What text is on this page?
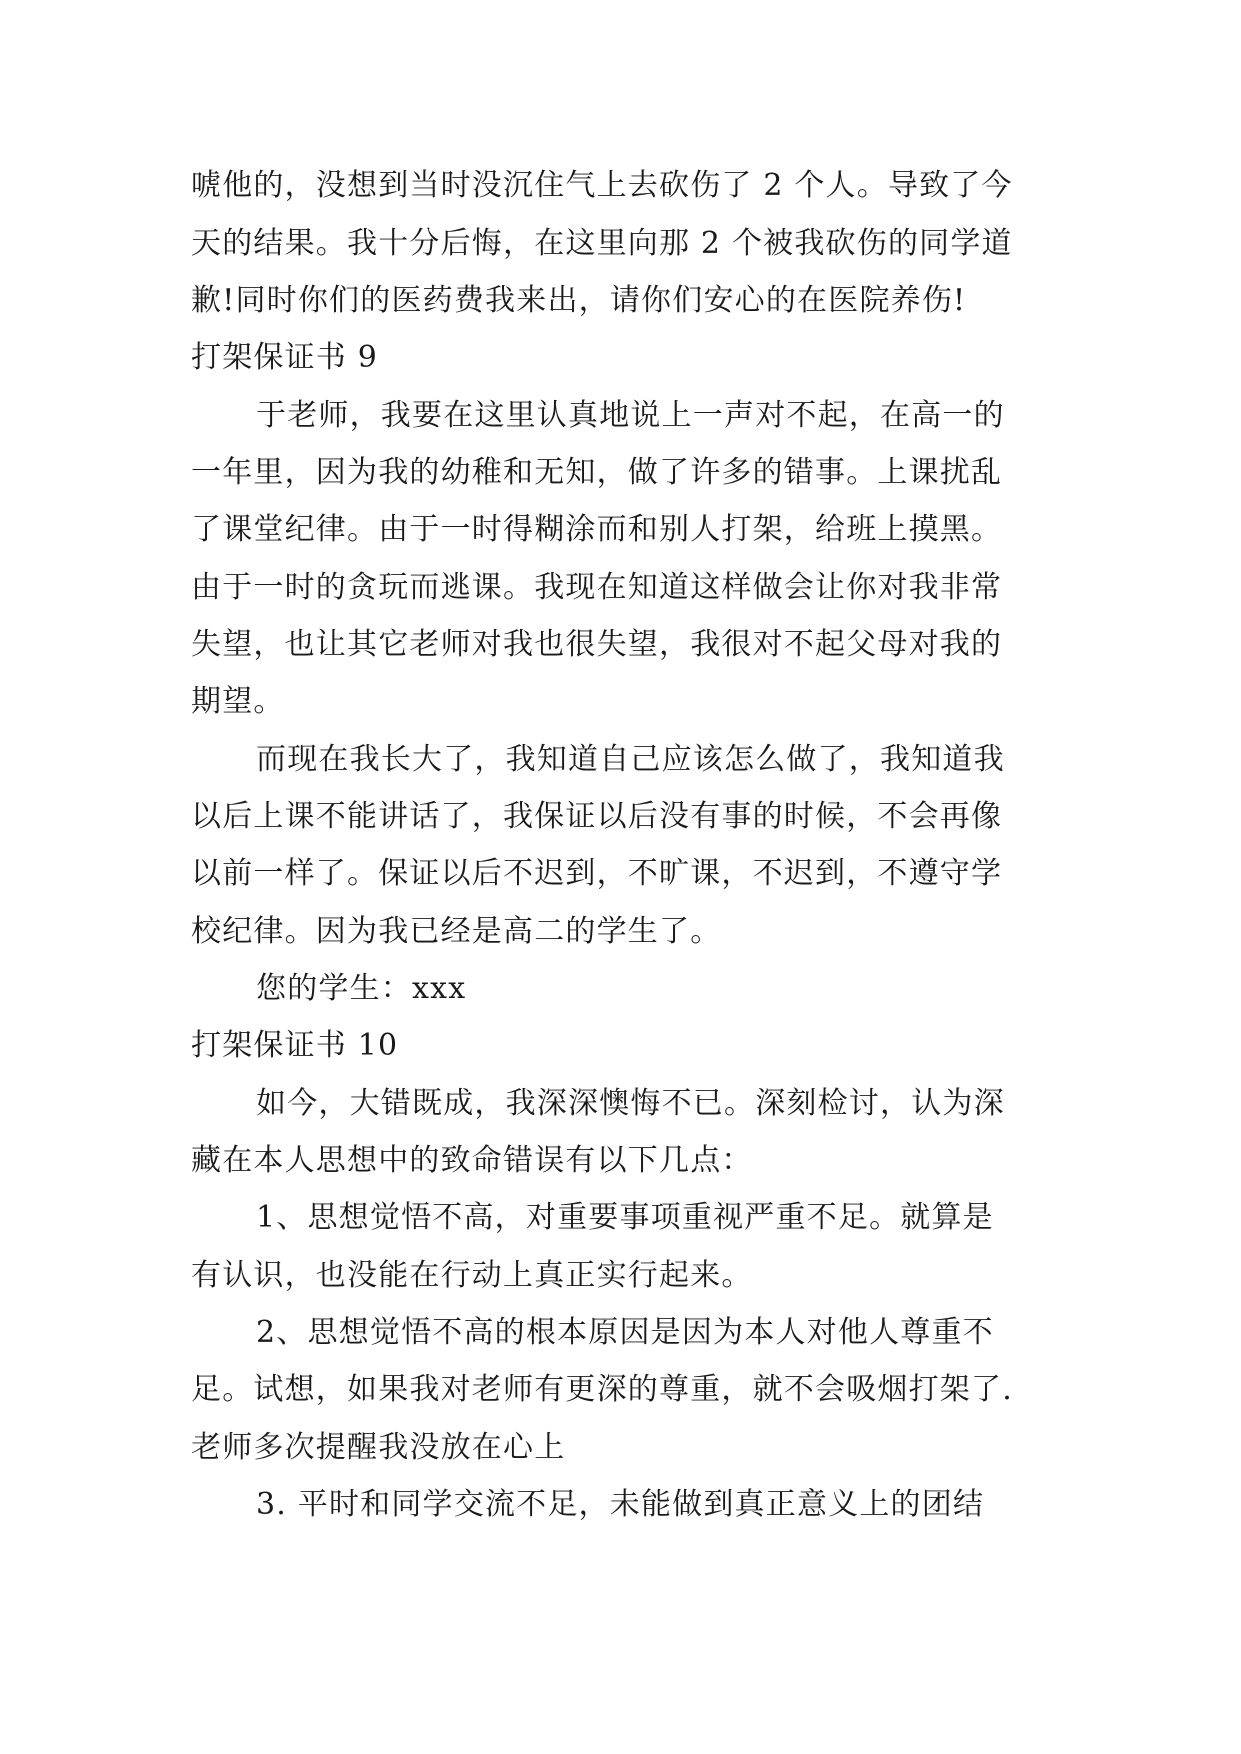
唬他的，没想到当时没沉住气上去砍伤了 2 个人。导致了今
天的结果。我十分后悔，在这里向那 2 个被我砍伤的同学道
歉!同时你们的医药费我来出，请你们安心的在医院养伤!
打架保证书 9
于老师，我要在这里认真地说上一声对不起，在高一的
一年里，因为我的幼稚和无知，做了许多的错事。上课扰乱
了课堂纪律。由于一时得糊涂而和别人打架，给班上摸黑。
由于一时的贪玩而逃课。我现在知道这样做会让你对我非常
失望，也让其它老师对我也很失望，我很对不起父母对我的
期望。
而现在我长大了，我知道自己应该怎么做了，我知道我
以后上课不能讲话了，我保证以后没有事的时候，不会再像
以前一样了。保证以后不迟到，不旷课，不迟到，不遵守学
校纪律。因为我已经是高二的学生了。
您的学生：xxx
打架保证书 10
如今，大错既成，我深深懊悔不已。深刻检讨，认为深
藏在本人思想中的致命错误有以下几点：
1、思想觉悟不高，对重要事项重视严重不足。就算是
有认识，也没能在行动上真正实行起来。
2、思想觉悟不高的根本原因是因为本人对他人尊重不
足。试想，如果我对老师有更深的尊重，就不会吸烟打架了.
老师多次提醒我没放在心上
3. 平时和同学交流不足，未能做到真正意义上的团结
